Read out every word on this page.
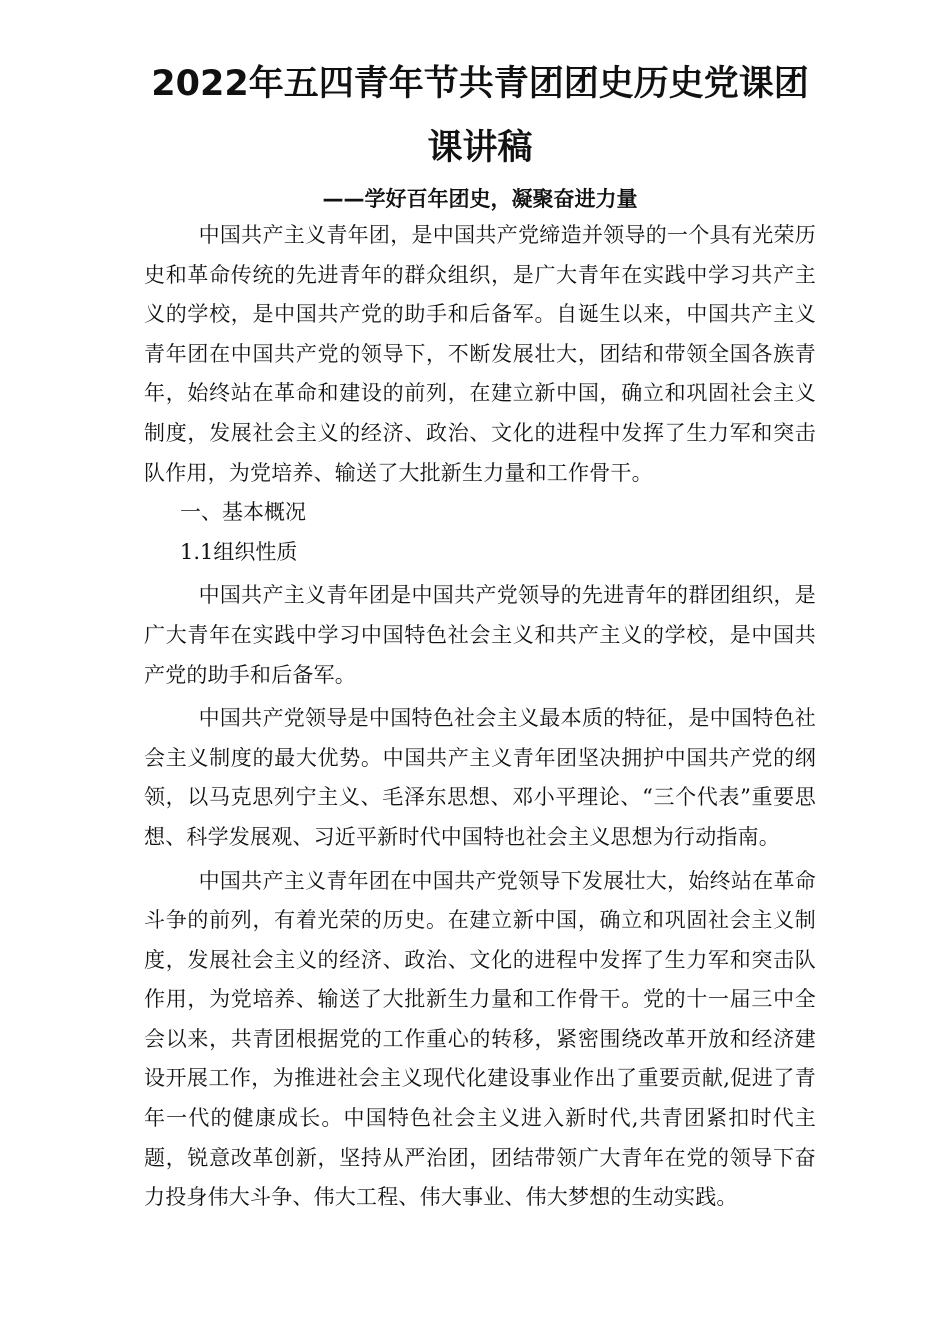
2022年五四青年节共青团团史历史党课团课讲稿

——学好百年团史，凝聚奋进力量

中国共产主义青年团，是中国共产党缔造并领导的一个具有光荣历史和革命传统的先进青年的群众组织，是广大青年在实践中学习共产主义的学校，是中国共产党的助手和后备军。自诞生以来，中国共产主义青年团在中国共产党的领导下，不断发展壮大，团结和带领全国各族青年，始终站在革命和建设的前列，在建立新中国，确立和巩固社会主义制度，发展社会主义的经济、政治、文化的进程中发挥了生力军和突击队作用，为党培养、输送了大批新生力量和工作骨干。

一、基本概况

1.1组织性质

中国共产主义青年团是中国共产党领导的先进青年的群团组织，是广大青年在实践中学习中国特色社会主义和共产主义的学校，是中国共产党的助手和后备军。

中国共产党领导是中国特色社会主义最本质的特征，是中国特色社会主义制度的最大优势。中国共产主义青年团坚决拥护中国共产党的纲领，以马克思列宁主义、毛泽东思想、邓小平理论、“三个代表”重要思想、科学发展观、习近平新时代中国特也社会主义思想为行动指南。

中国共产主义青年团在中国共产党领导下发展壮大，始终站在革命斗争的前列，有着光荣的历史。在建立新中国，确立和巩固社会主义制度，发展社会主义的经济、政治、文化的进程中发挥了生力军和突击队作用，为党培养、输送了大批新生力量和工作骨干。党的十一届三中全会以来，共青团根据党的工作重心的转移，紧密围绕改革开放和经济建设开展工作，为推进社会主义现代化建设事业作出了重要贡献,促进了青年一代的健康成长。中国特色社会主义进入新时代,共青团紧扣时代主题，锐意改革创新，坚持从严治团，团结带领广大青年在党的领导下奋力投身伟大斗争、伟大工程、伟大事业、伟大梦想的生动实践。
